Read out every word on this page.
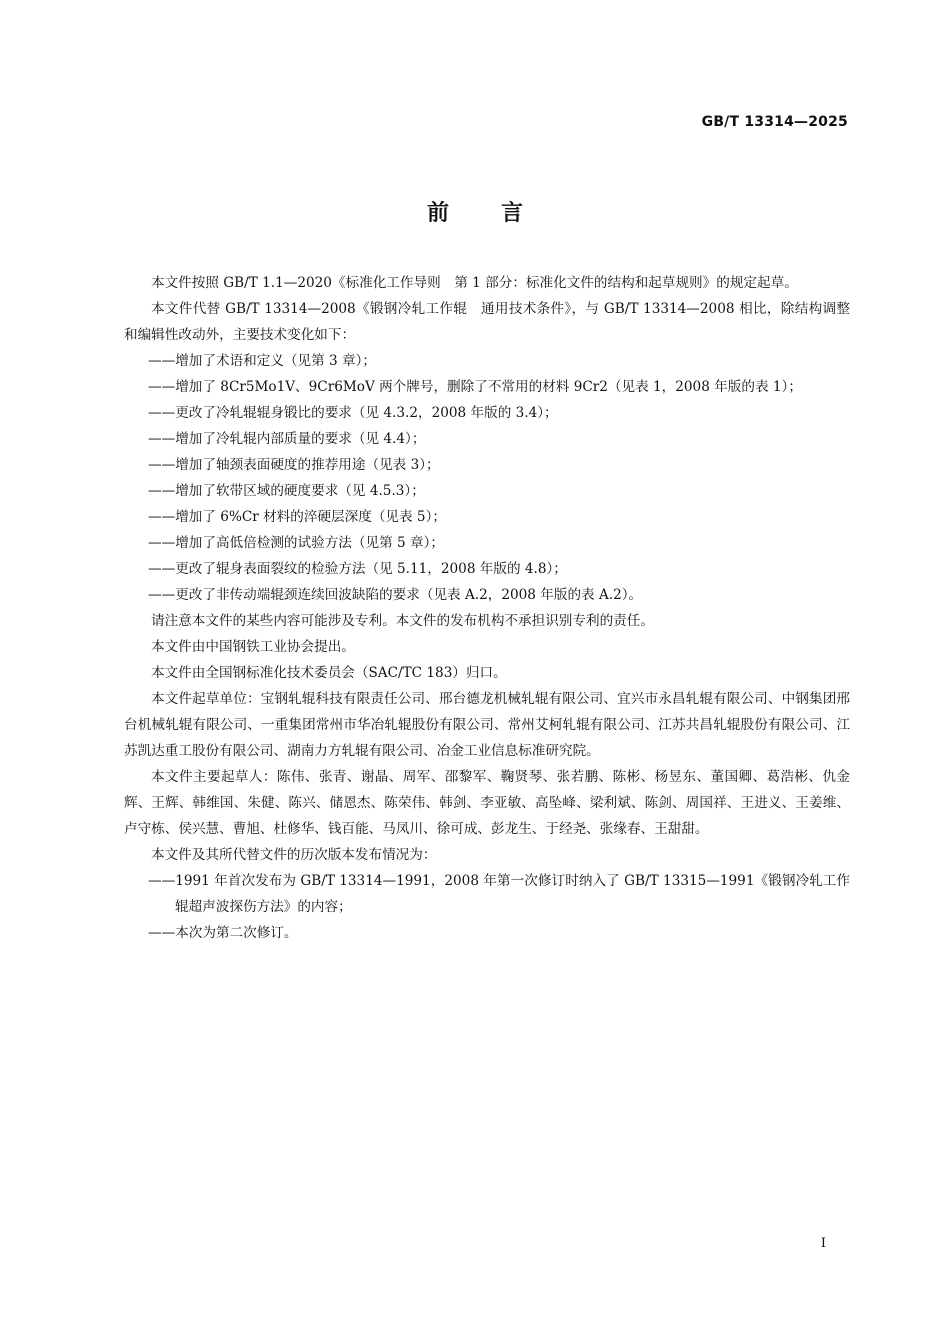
GB/T 13314—2025
前言

本文件按照 GB/T 1.1—2020《标准化工作导则　第 1 部分：标准化文件的结构和起草规则》的规定起草。

本文件代替 GB/T 13314—2008《锻钢冷轧工作辊　通用技术条件》，与 GB/T 13314—2008 相比，除结构调整和编辑性改动外，主要技术变化如下：

——增加了术语和定义（见第 3 章）；

——增加了 8Cr5Mo1V、9Cr6MoV 两个牌号，删除了不常用的材料 9Cr2（见表 1，2008 年版的表 1）；

——更改了冷轧辊辊身锻比的要求（见 4.3.2，2008 年版的 3.4）；

——增加了冷轧辊内部质量的要求（见 4.4）；

——增加了轴颈表面硬度的推荐用途（见表 3）；

——增加了软带区域的硬度要求（见 4.5.3）；

——增加了 6%Cr 材料的淬硬层深度（见表 5）；

——增加了高低倍检测的试验方法（见第 5 章）；

——更改了辊身表面裂纹的检验方法（见 5.11，2008 年版的 4.8）；

——更改了非传动端辊颈连续回波缺陷的要求（见表 A.2，2008 年版的表 A.2）。

请注意本文件的某些内容可能涉及专利。本文件的发布机构不承担识别专利的责任。

本文件由中国钢铁工业协会提出。

本文件由全国钢标准化技术委员会（SAC/TC 183）归口。

本文件起草单位：宝钢轧辊科技有限责任公司、邢台德龙机械轧辊有限公司、宜兴市永昌轧辊有限公司、中钢集团邢台机械轧辊有限公司、一重集团常州市华冶轧辊股份有限公司、常州艾柯轧辊有限公司、江苏共昌轧辊股份有限公司、江苏凯达重工股份有限公司、湖南力方轧辊有限公司、冶金工业信息标准研究院。

本文件主要起草人：陈伟、张青、谢晶、周军、邵黎军、鞠贤琴、张若鹏、陈彬、杨昱东、董国卿、葛浩彬、仇金辉、王辉、韩维国、朱健、陈兴、储恩杰、陈荣伟、韩剑、李亚敏、高坠峰、梁利斌、陈剑、周国祥、王进义、王姜维、卢守栋、侯兴慧、曹旭、杜修华、钱百能、马凤川、徐可成、彭龙生、于经尧、张缘春、王甜甜。

本文件及其所代替文件的历次版本发布情况为：

——1991 年首次发布为 GB/T 13314—1991，2008 年第一次修订时纳入了 GB/T 13315—1991《锻钢冷轧工作辊超声波探伤方法》的内容；

——本次为第二次修订。

I
